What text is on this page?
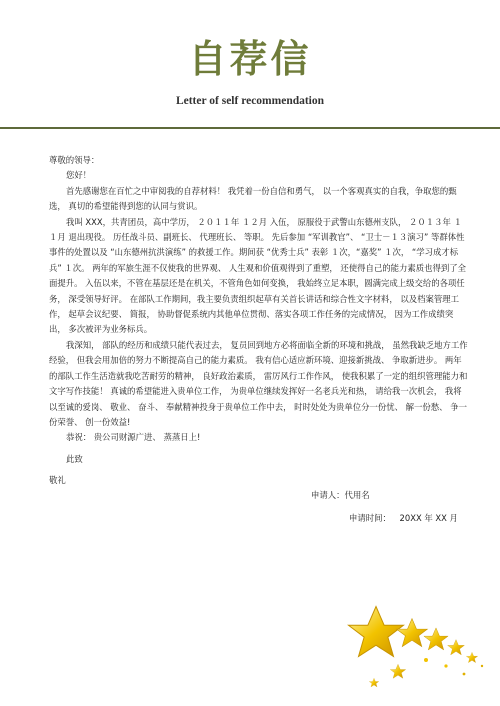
自荐信
Letter of self recommendation

尊敬的领导：

您好！

首先感谢您在百忙之中审阅我的自荐材料！ 我凭着一份自信和勇气， 以一个客观真实的自我，争取您的甄选， 真切的希望能得到您的认同与赏识。

我叫 XXX，共青团员，高中学历， ２０１１年 １２月 入伍， 原服役于武警山东德州支队， ２０１３年 １１月 退出现役。 历任战斗员、副班长、 代理班长、 等职。 先后参加 “军训教官”、 “卫士－１３演习” 等群体性事件的处置以及 “山东德州抗洪演练” 的救援工作。期间获 “优秀士兵” 表彰 １次，“嘉奖” １次， “学习成才标兵” １次。 两年的军旅生涯不仅使我的世界观、 人生观和价值观得到了重塑， 还使得自己的能力素质也得到了全面提升。 入伍以来，不管在基层还是在机关，不管角色如何变换， 我始终立足本职，圆满完成上级交给的各项任务， 深受领导好评。 在部队工作期间，我主要负责组织起草有关首长讲话和综合性文字材料， 以及档案管理工作， 起草会议纪要、 简报， 协助督促系统内其他单位贯彻、落实各项工作任务的完成情况， 因为工作成绩突出， 多次被评为业务标兵。

我深知， 部队的经历和成绩只能代表过去， 复员回到地方必将面临全新的环境和挑战， 虽然我缺乏地方工作经验， 但我会用加倍的努力不断提高自己的能力素质。 我有信心适应新环境、迎接新挑战、 争取新进步。 两年的部队工作生活造就我吃苦耐劳的精神， 良好政治素质， 雷厉风行工作作风， 使我积累了一定的组织管理能力和文字写作技能！ 真诚的希望能进入贵单位工作， 为贵单位继续发挥好一名老兵光和热， 请给我一次机会， 我将以至诚的爱岗、 敬业、 奋斗、 奉献精神投身于贵单位工作中去， 时时处处为贵单位分一份忧、 解一份愁、 争一份荣誉、 创一份效益!

恭祝： 贵公司财源广进、 蒸蒸日上!

此致

敬礼

申请人：代用名
申请时间： 20XX 年 XX 月
